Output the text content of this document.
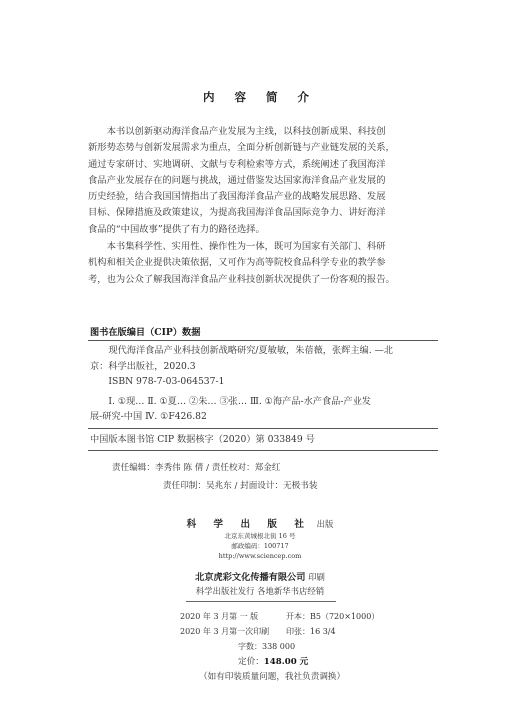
内 容 简 介
本书以创新驱动海洋食品产业发展为主线，以科技创新成果、科技创
新形势态势与创新发展需求为重点，全面分析创新链与产业链发展的关系，
通过专家研讨、实地调研、文献与专利检索等方式，系统阐述了我国海洋
食品产业发展存在的问题与挑战，通过借鉴发达国家海洋食品产业发展的
历史经验，结合我国国情指出了我国海洋食品产业的战略发展思路、发展
目标、保障措施及政策建议，为提高我国海洋食品国际竞争力、讲好海洋
食品的“中国故事”提供了有力的路径选择。
本书集科学性、实用性、操作性为一体，既可为国家有关部门、科研
机构和相关企业提供决策依据，又可作为高等院校食品科学专业的教学参
考，也为公众了解我国海洋食品产业科技创新状况提供了一份客观的报告。
图书在版编目（CIP）数据
现代海洋食品产业科技创新战略研究/夏敏敏，朱蓓薇，张辉主编. —北
京：科学出版社，2020.3
ISBN 978-7-03-064537-1
Ⅰ. ①现… Ⅱ. ①夏… ②朱… ③张… Ⅲ. ①海产品-水产食品-产业发
展-研究-中国 Ⅳ. ①F426.82
中国版本图书馆 CIP 数据核字（2020）第 033849 号
责任编辑：李秀伟 陈 倩 / 责任校对：郑金红
责任印制：吴兆东 / 封面设计：无极书装
科 学 出 版 社 出版
北京东黄城根北街 16 号
邮政编码：100717
http://www.sciencep.com
北京虎彩文化传播有限公司 印刷
科学出版社发行 各地新华书店经销
2020 年 3 月第 一 版	开本：B5（720×1000）
2020 年 3 月第一次印刷 印张：16 3/4
字数：338 000
定价：148.00 元
（如有印装质量问题，我社负责调换）
